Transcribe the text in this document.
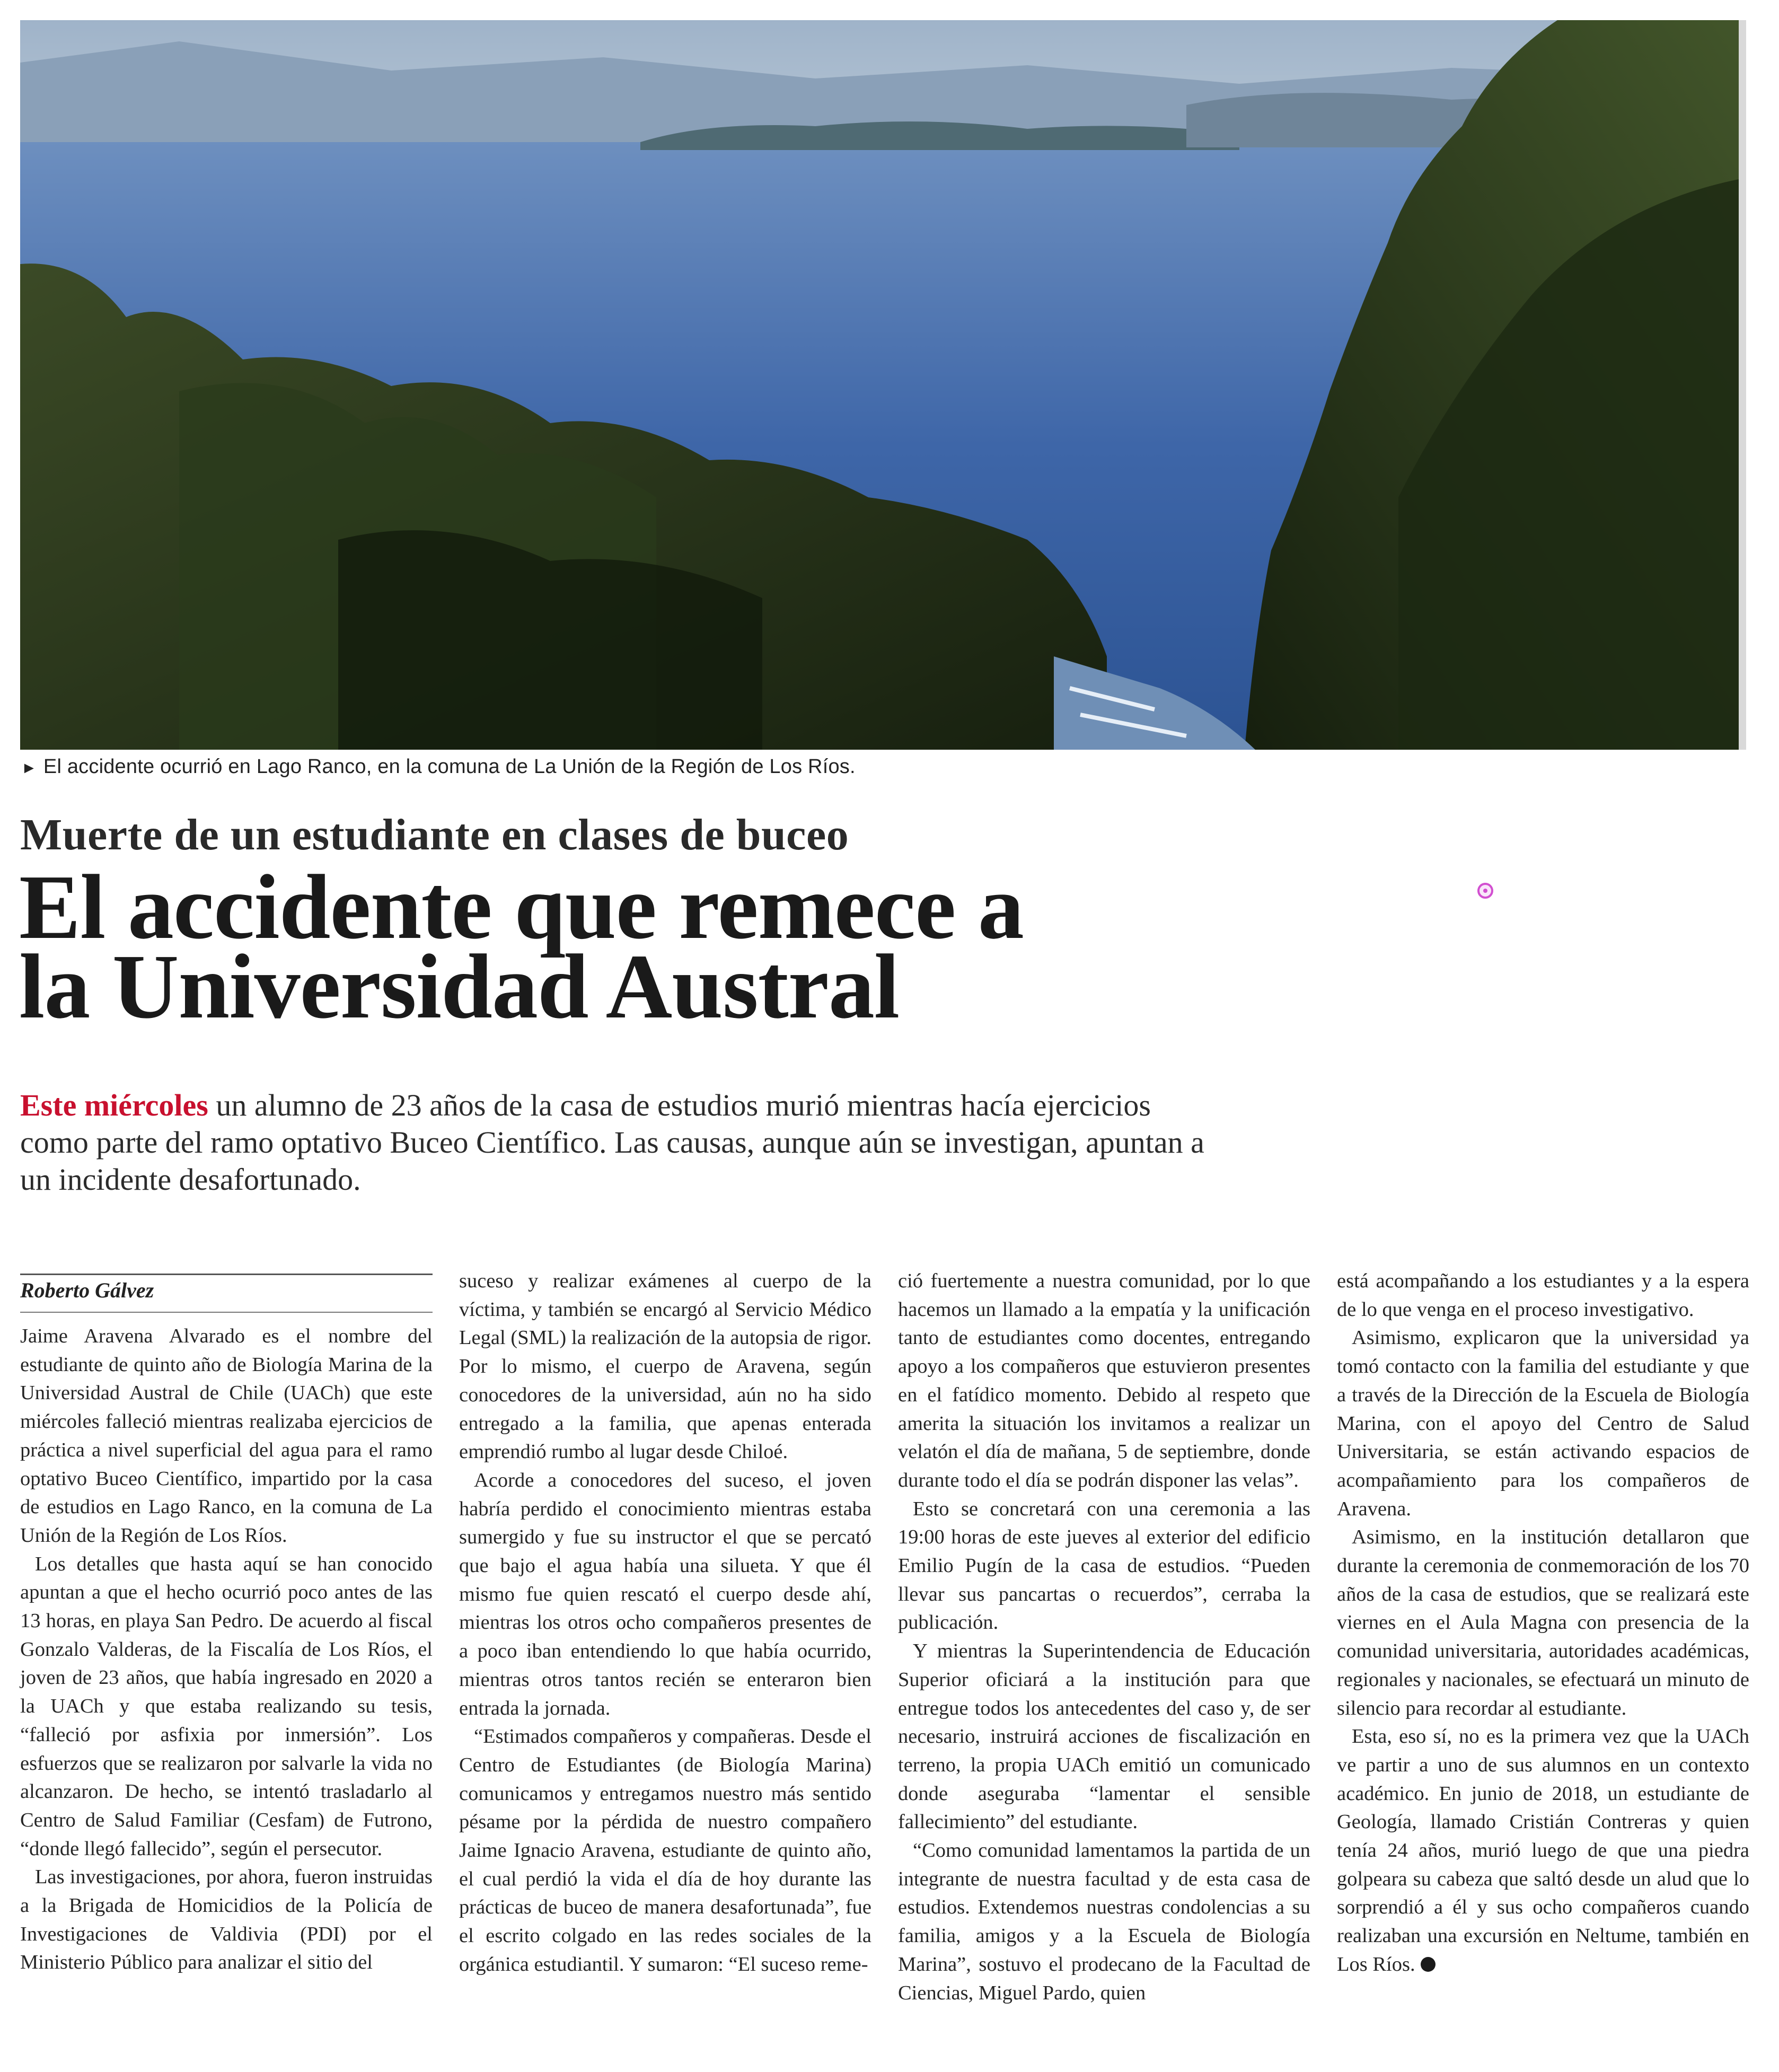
► El accidente ocurrió en Lago Ranco, en la comuna de La Unión de la Región de Los Ríos.
Muerte de un estudiante en clases de buceo
El accidente que remece a
la Universidad Austral
Este miércoles un alumno de 23 años de la casa de estudios murió mientras hacía ejercicios como parte del ramo optativo Buceo Científico. Las causas, aunque aún se investigan, apuntan a un incidente desafortunado.
Roberto Gálvez

Jaime Aravena Alvarado es el nombre del estudiante de quinto año de Biología Marina de la Universidad Austral de Chile (UACh) que este miércoles falleció mientras realizaba ejercicios de práctica a nivel superficial del agua para el ramo optativo Buceo Científico, impartido por la casa de estudios en Lago Ranco, en la comuna de La Unión de la Región de Los Ríos.

Los detalles que hasta aquí se han conocido apuntan a que el hecho ocurrió poco antes de las 13 horas, en playa San Pedro. De acuerdo al fiscal Gonzalo Valderas, de la Fiscalía de Los Ríos, el joven de 23 años, que había ingresado en 2020 a la UACh y que estaba realizando su tesis, “falleció por asfixia por inmersión”. Los esfuerzos que se realizaron por salvarle la vida no alcanzaron. De hecho, se intentó trasladarlo al Centro de Salud Familiar (Cesfam) de Futrono, “donde llegó fallecido”, según el persecutor.

Las investigaciones, por ahora, fueron instruidas a la Brigada de Homicidios de la Policía de Investigaciones de Valdivia (PDI) por el Ministerio Público para analizar el sitio del

suceso y realizar exámenes al cuerpo de la víctima, y también se encargó al Servicio Médico Legal (SML) la realización de la autopsia de rigor. Por lo mismo, el cuerpo de Aravena, según conocedores de la universidad, aún no ha sido entregado a la familia, que apenas enterada emprendió rumbo al lugar desde Chiloé.

Acorde a conocedores del suceso, el joven habría perdido el conocimiento mientras estaba sumergido y fue su instructor el que se percató que bajo el agua había una silueta. Y que él mismo fue quien rescató el cuerpo desde ahí, mientras los otros ocho compañeros presentes de a poco iban entendiendo lo que había ocurrido, mientras otros tantos recién se enteraron bien entrada la jornada.

“Estimados compañeros y compañeras. Desde el Centro de Estudiantes (de Biología Marina) comunicamos y entregamos nuestro más sentido pésame por la pérdida de nuestro compañero Jaime Ignacio Aravena, estudiante de quinto año, el cual perdió la vida el día de hoy durante las prácticas de buceo de manera desafortunada”, fue el escrito colgado en las redes sociales de la orgánica estudiantil. Y sumaron: “El suceso reme-

ció fuertemente a nuestra comunidad, por lo que hacemos un llamado a la empatía y la unificación tanto de estudiantes como docentes, entregando apoyo a los compañeros que estuvieron presentes en el fatídico momento. Debido al respeto que amerita la situación los invitamos a realizar un velatón el día de mañana, 5 de septiembre, donde durante todo el día se podrán disponer las velas”.

Esto se concretará con una ceremonia a las 19:00 horas de este jueves al exterior del edificio Emilio Pugín de la casa de estudios. “Pueden llevar sus pancartas o recuerdos”, cerraba la publicación.

Y mientras la Superintendencia de Educación Superior oficiará a la institución para que entregue todos los antecedentes del caso y, de ser necesario, instruirá acciones de fiscalización en terreno, la propia UACh emitió un comunicado donde aseguraba “lamentar el sensible fallecimiento” del estudiante.

“Como comunidad lamentamos la partida de un integrante de nuestra facultad y de esta casa de estudios. Extendemos nuestras condolencias a su familia, amigos y a la Escuela de Biología Marina”, sostuvo el prodecano de la Facultad de Ciencias, Miguel Pardo, quien

está acompañando a los estudiantes y a la espera de lo que venga en el proceso investigativo.

Asimismo, explicaron que la universidad ya tomó contacto con la familia del estudiante y que a través de la Dirección de la Escuela de Biología Marina, con el apoyo del Centro de Salud Universitaria, se están activando espacios de acompañamiento para los compañeros de Aravena.

Asimismo, en la institución detallaron que durante la ceremonia de conmemoración de los 70 años de la casa de estudios, que se realizará este viernes en el Aula Magna con presencia de la comunidad universitaria, autoridades académicas, regionales y nacionales, se efectuará un minuto de silencio para recordar al estudiante.

Esta, eso sí, no es la primera vez que la UACh ve partir a uno de sus alumnos en un contexto académico. En junio de 2018, un estudiante de Geología, llamado Cristián Contreras y quien tenía 24 años, murió luego de que una piedra golpeara su cabeza que saltó desde un alud que lo sorprendió a él y sus ocho compañeros cuando realizaban una excursión en Neltume, también en Los Ríos.
